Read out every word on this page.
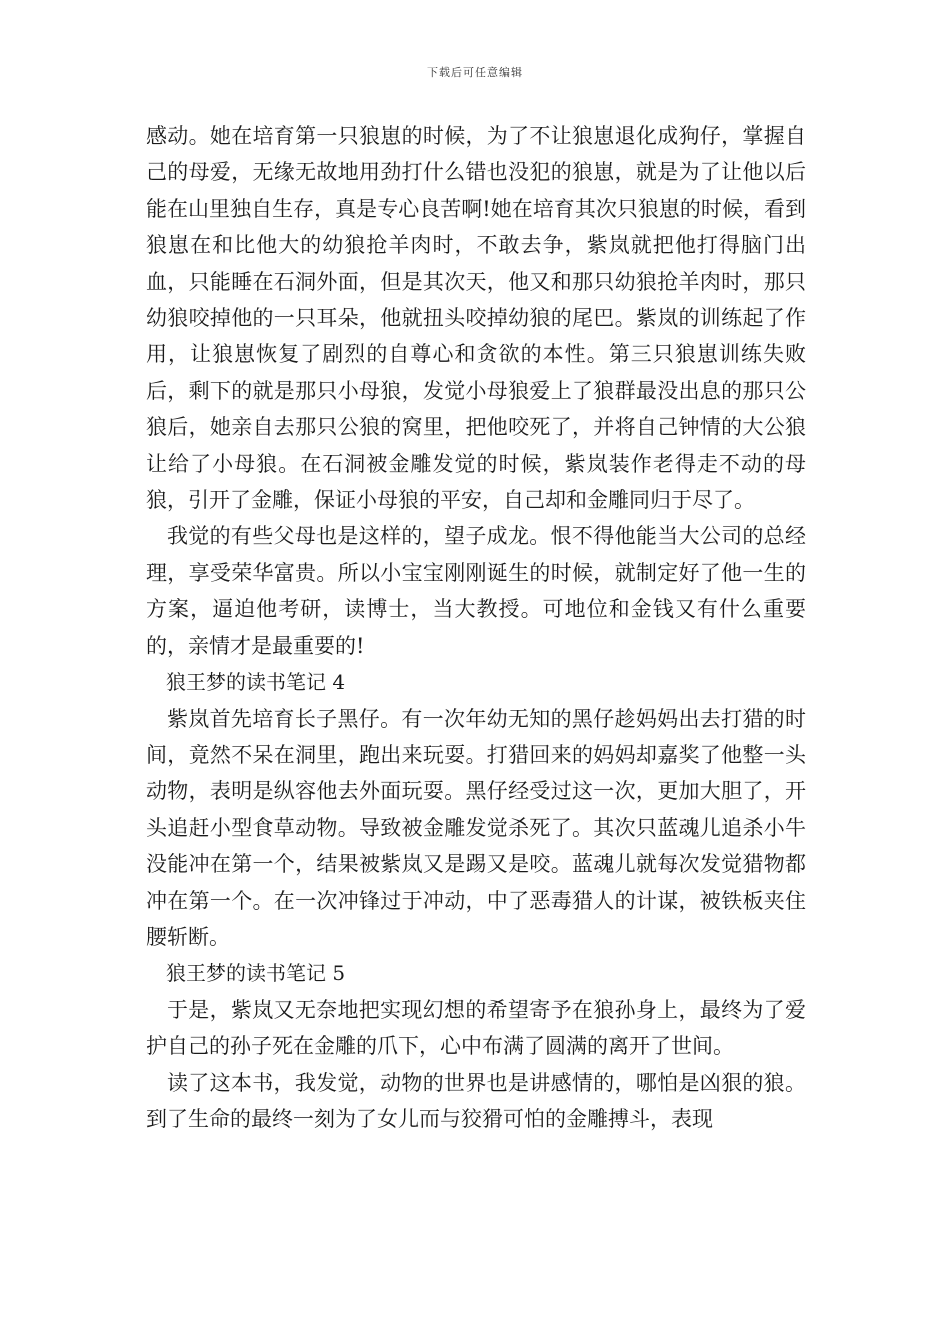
下载后可任意编辑

感动。她在培育第一只狼崽的时候，为了不让狼崽退化成狗仔，掌握自己的母爱，无缘无故地用劲打什么错也没犯的狼崽，就是为了让他以后能在山里独自生存，真是专心良苦啊!她在培育其次只狼崽的时候，看到狼崽在和比他大的幼狼抢羊肉时，不敢去争，紫岚就把他打得脑门出血，只能睡在石洞外面，但是其次天，他又和那只幼狼抢羊肉时，那只幼狼咬掉他的一只耳朵，他就扭头咬掉幼狼的尾巴。紫岚的训练起了作用，让狼崽恢复了剧烈的自尊心和贪欲的本性。第三只狼崽训练失败后，剩下的就是那只小母狼，发觉小母狼爱上了狼群最没出息的那只公狼后，她亲自去那只公狼的窝里，把他咬死了，并将自己钟情的大公狼让给了小母狼。在石洞被金雕发觉的时候，紫岚装作老得走不动的母狼，引开了金雕，保证小母狼的平安，自己却和金雕同归于尽了。

我觉的有些父母也是这样的，望子成龙。恨不得他能当大公司的总经理，享受荣华富贵。所以小宝宝刚刚诞生的时候，就制定好了他一生的方案，逼迫他考研，读博士，当大教授。可地位和金钱又有什么重要的，亲情才是最重要的!

狼王梦的读书笔记 4

紫岚首先培育长子黑仔。有一次年幼无知的黑仔趁妈妈出去打猎的时间，竟然不呆在洞里，跑出来玩耍。打猎回来的妈妈却嘉奖了他整一头动物，表明是纵容他去外面玩耍。黑仔经受过这一次，更加大胆了，开头追赶小型食草动物。导致被金雕发觉杀死了。其次只蓝魂儿追杀小牛没能冲在第一个，结果被紫岚又是踢又是咬。蓝魂儿就每次发觉猎物都冲在第一个。在一次冲锋过于冲动，中了恶毒猎人的计谋，被铁板夹住腰斩断。

狼王梦的读书笔记 5

于是，紫岚又无奈地把实现幻想的希望寄予在狼孙身上，最终为了爱护自己的孙子死在金雕的爪下，心中布满了圆满的离开了世间。

读了这本书，我发觉，动物的世界也是讲感情的，哪怕是凶狠的狼。到了生命的最终一刻为了女儿而与狡猾可怕的金雕搏斗，表现
